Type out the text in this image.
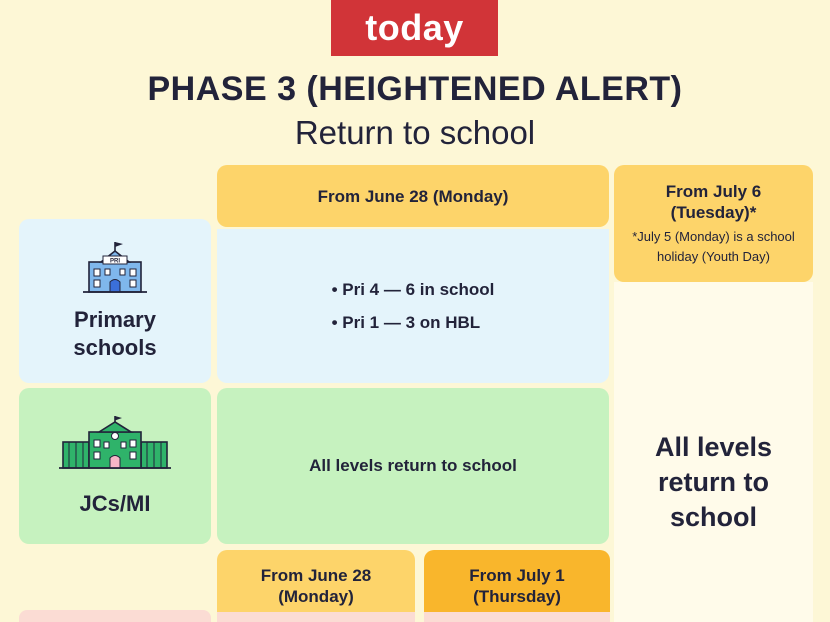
today
PHASE 3 (HEIGHTENED ALERT)
Return to school
From June 28 (Monday)	From July 6 (Tuesday)*
*July 5 (Monday) is a school holiday (Youth Day)
All levels return to school
PRI
Primary schools
• Pri 4 — 6 in school
• Pri 1 — 3 on HBL
JCs/MI
All levels return to school
From June 28 (Monday)
From July 1 (Thursday)
